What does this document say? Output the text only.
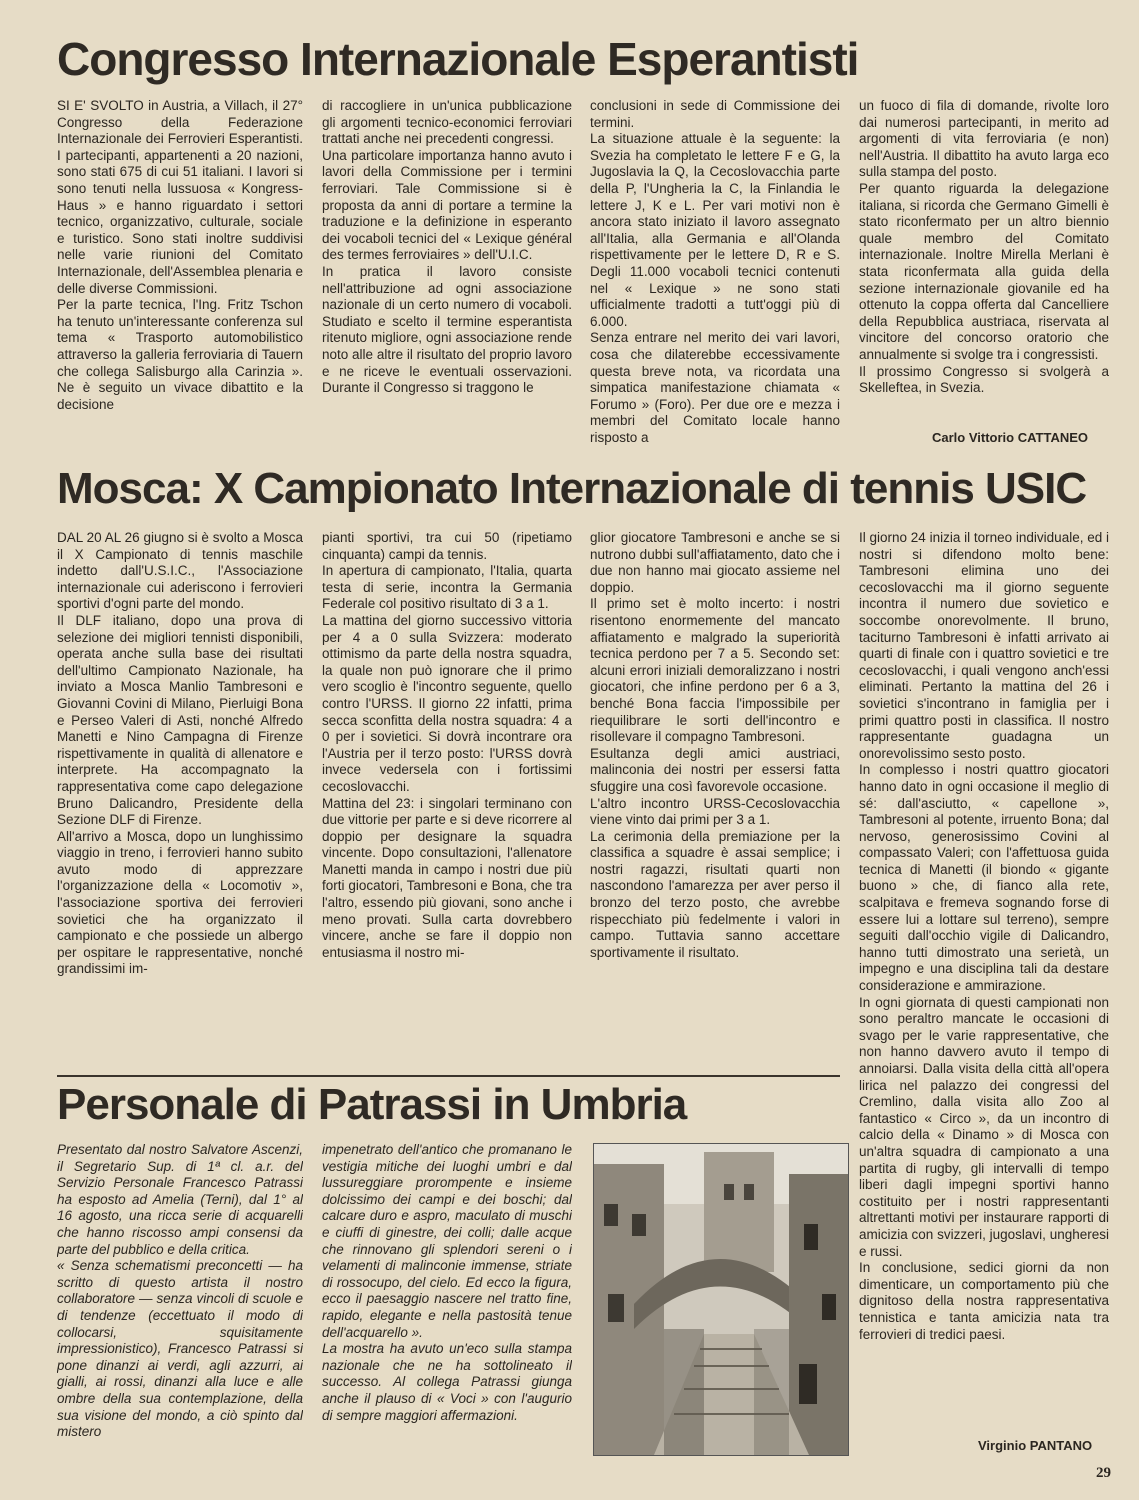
Congresso Internazionale Esperantisti
SI E' SVOLTO in Austria, a Villach, il 27° Congresso della Federazione Internazionale dei Ferrovieri Esperantisti. I partecipanti, appartenenti a 20 nazioni, sono stati 675 di cui 51 italiani. I lavori si sono tenuti nella lussuosa « Kongress-Haus » e hanno riguardato i settori tecnico, organizzativo, culturale, sociale e turistico. Sono stati inoltre suddivisi nelle varie riunioni del Comitato Internazionale, dell'Assemblea plenaria e delle diverse Commissioni.
Per la parte tecnica, l'Ing. Fritz Tschon ha tenuto un'interessante conferenza sul tema « Trasporto automobilistico attraverso la galleria ferroviaria di Tauern che collega Salisburgo alla Carinzia ». Ne è seguito un vivace dibattito e la decisione
di raccogliere in un'unica pubblicazione gli argomenti tecnico-economici ferroviari trattati anche nei precedenti congressi.
Una particolare importanza hanno avuto i lavori della Commissione per i termini ferroviari. Tale Commissione si è proposta da anni di portare a termine la traduzione e la definizione in esperanto dei vocaboli tecnici del « Lexique général des termes ferroviaires » dell'U.I.C.
In pratica il lavoro consiste nell'attribuzione ad ogni associazione nazionale di un certo numero di vocaboli. Studiato e scelto il termine esperantista ritenuto migliore, ogni associazione rende noto alle altre il risultato del proprio lavoro e ne riceve le eventuali osservazioni. Durante il Congresso si traggono le
conclusioni in sede di Commissione dei termini.
La situazione attuale è la seguente: la Svezia ha completato le lettere F e G, la Jugoslavia la Q, la Cecoslovacchia parte della P, l'Ungheria la C, la Finlandia le lettere J, K e L. Per vari motivi non è ancora stato iniziato il lavoro assegnato all'Italia, alla Germania e all'Olanda rispettivamente per le lettere D, R e S. Degli 11.000 vocaboli tecnici contenuti nel « Lexique » ne sono stati ufficialmente tradotti a tutt'oggi più di 6.000.
Senza entrare nel merito dei vari lavori, cosa che dilaterebbe eccessivamente questa breve nota, va ricordata una simpatica manifestazione chiamata « Forumo » (Foro). Per due ore e mezza i membri del Comitato locale hanno risposto a
un fuoco di fila di domande, rivolte loro dai numerosi partecipanti, in merito ad argomenti di vita ferroviaria (e non) nell'Austria. Il dibattito ha avuto larga eco sulla stampa del posto.
Per quanto riguarda la delegazione italiana, si ricorda che Germano Gimelli è stato riconfermato per un altro biennio quale membro del Comitato internazionale. Inoltre Mirella Merlani è stata riconfermata alla guida della sezione internazionale giovanile ed ha ottenuto la coppa offerta dal Cancelliere della Repubblica austriaca, riservata al vincitore del concorso oratorio che annualmente si svolge tra i congressisti.
Il prossimo Congresso si svolgerà a Skelleftea, in Svezia.
Carlo Vittorio CATTANEO
Mosca: X Campionato Internazionale di tennis USIC
DAL 20 AL 26 giugno si è svolto a Mosca il X Campionato di tennis maschile indetto dall'U.S.I.C., l'Associazione internazionale cui aderiscono i ferrovieri sportivi d'ogni parte del mondo.
Il DLF italiano, dopo una prova di selezione dei migliori tennisti disponibili, operata anche sulla base dei risultati dell'ultimo Campionato Nazionale, ha inviato a Mosca Manlio Tambresoni e Giovanni Covini di Milano, Pierluigi Bona e Perseo Valeri di Asti, nonché Alfredo Manetti e Nino Campagna di Firenze rispettivamente in qualità di allenatore e interprete. Ha accompagnato la rappresentativa come capo delegazione Bruno Dalicandro, Presidente della Sezione DLF di Firenze.
All'arrivo a Mosca, dopo un lunghissimo viaggio in treno, i ferrovieri hanno subito avuto modo di apprezzare l'organizzazione della « Locomotiv », l'associazione sportiva dei ferrovieri sovietici che ha organizzato il campionato e che possiede un albergo per ospitare le rappresentative, nonché grandissimi im-
pianti sportivi, tra cui 50 (ripetiamo cinquanta) campi da tennis.
In apertura di campionato, l'Italia, quarta testa di serie, incontra la Germania Federale col positivo risultato di 3 a 1.
La mattina del giorno successivo vittoria per 4 a 0 sulla Svizzera: moderato ottimismo da parte della nostra squadra, la quale non può ignorare che il primo vero scoglio è l'incontro seguente, quello contro l'URSS. Il giorno 22 infatti, prima secca sconfitta della nostra squadra: 4 a 0 per i sovietici. Si dovrà incontrare ora l'Austria per il terzo posto: l'URSS dovrà invece vedersela con i fortissimi cecoslovacchi.
Mattina del 23: i singolari terminano con due vittorie per parte e si deve ricorrere al doppio per designare la squadra vincente. Dopo consultazioni, l'allenatore Manetti manda in campo i nostri due più forti giocatori, Tambresoni e Bona, che tra l'altro, essendo più giovani, sono anche i meno provati. Sulla carta dovrebbero vincere, anche se fare il doppio non entusiasma il nostro mi-
glior giocatore Tambresoni e anche se si nutrono dubbi sull'affiatamento, dato che i due non hanno mai giocato assieme nel doppio.
Il primo set è molto incerto: i nostri risentono enormemente del mancato affiatamento e malgrado la superiorità tecnica perdono per 7 a 5. Secondo set: alcuni errori iniziali demoralizzano i nostri giocatori, che infine perdono per 6 a 3, benché Bona faccia l'impossibile per riequilibrare le sorti dell'incontro e risollevare il compagno Tambresoni.
Esultanza degli amici austriaci, malinconia dei nostri per essersi fatta sfuggire una così favorevole occasione.
L'altro incontro URSS-Cecoslovacchia viene vinto dai primi per 3 a 1.
La cerimonia della premiazione per la classifica a squadre è assai semplice; i nostri ragazzi, risultati quarti non nascondono l'amarezza per aver perso il bronzo del terzo posto, che avrebbe rispecchiato più fedelmente i valori in campo. Tuttavia sanno accettare sportivamente il risultato.
Il giorno 24 inizia il torneo individuale, ed i nostri si difendono molto bene: Tambresoni elimina uno dei cecoslovacchi ma il giorno seguente incontra il numero due sovietico e soccombe onorevolmente. Il bruno, taciturno Tambresoni è infatti arrivato ai quarti di finale con i quattro sovietici e tre cecoslovacchi, i quali vengono anch'essi eliminati. Pertanto la mattina del 26 i sovietici s'incontrano in famiglia per i primi quattro posti in classifica. Il nostro rappresentante guadagna un onorevolissimo sesto posto.
In complesso i nostri quattro giocatori hanno dato in ogni occasione il meglio di sé: dall'asciutto, « capellone », Tambresoni al potente, irruento Bona; dal nervoso, generosissimo Covini al compassato Valeri; con l'affettuosa guida tecnica di Manetti (il biondo « gigante buono » che, di fianco alla rete, scalpitava e fremeva sognando forse di essere lui a lottare sul terreno), sempre seguiti dall'occhio vigile di Dalicandro, hanno tutti dimostrato una serietà, un impegno e una disciplina tali da destare considerazione e ammirazione.
In ogni giornata di questi campionati non sono peraltro mancate le occasioni di svago per le varie rappresentative, che non hanno davvero avuto il tempo di annoiarsi. Dalla visita della città all'opera lirica nel palazzo dei congressi del Cremlino, dalla visita allo Zoo al fantastico « Circo », da un incontro di calcio della « Dinamo » di Mosca con un'altra squadra di campionato a una partita di rugby, gli intervalli di tempo liberi dagli impegni sportivi hanno costituito per i nostri rappresentanti altrettanti motivi per instaurare rapporti di amicizia con svizzeri, jugoslavi, ungheresi e russi.
In conclusione, sedici giorni da non dimenticare, un comportamento più che dignitoso della nostra rappresentativa tennistica e tanta amicizia nata tra ferrovieri di tredici paesi.
Virginio PANTANO
Personale di Patrassi in Umbria
Presentato dal nostro Salvatore Ascenzi, il Segretario Sup. di 1ª cl. a.r. del Servizio Personale Francesco Patrassi ha esposto ad Amelia (Terni), dal 1° al 16 agosto, una ricca serie di acquarelli che hanno riscosso ampi consensi da parte del pubblico e della critica.
« Senza schematismi preconcetti — ha scritto di questo artista il nostro collaboratore — senza vincoli di scuole e di tendenze (eccettuato il modo di collocarsi, squisitamente impressionistico), Francesco Patrassi si pone dinanzi ai verdi, agli azzurri, ai gialli, ai rossi, dinanzi alla luce e alle ombre della sua contemplazione, della sua visione del mondo, a ciò spinto dal mistero
impenetrato dell'antico che promanano le vestigia mitiche dei luoghi umbri e dal lussureggiare prorompente e insieme dolcissimo dei campi e dei boschi; dal calcare duro e aspro, maculato di muschi e ciuffi di ginestre, dei colli; dalle acque che rinnovano gli splendori sereni o i velamenti di malinconie immense, striate di rossocupo, del cielo. Ed ecco la figura, ecco il paesaggio nascere nel tratto fine, rapido, elegante e nella pastosità tenue dell'acquarello ».
La mostra ha avuto un'eco sulla stampa nazionale che ne ha sottolineato il successo. Al collega Patrassi giunga anche il plauso di « Voci » con l'augurio di sempre maggiori affermazioni.
29
